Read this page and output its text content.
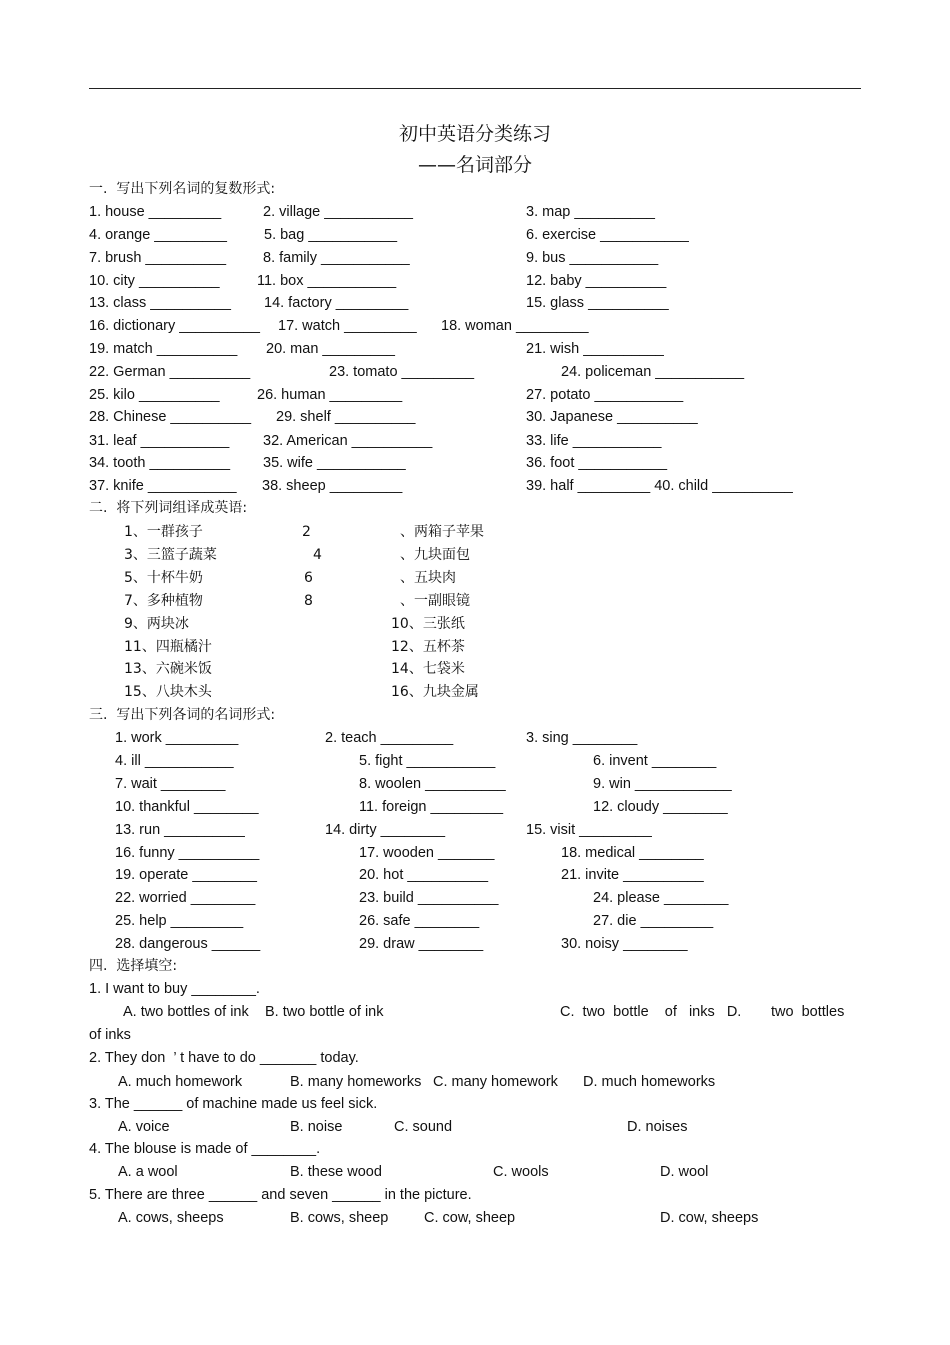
初中英语分类练习
——名词部分
一.  写出下列名词的复数形式:
1. house _________	2. village ___________	3. map __________
4. orange _________	5. bag ___________	6. exercise ___________
7. brush __________	8. family ___________	9. bus ___________
10. city __________	11. box ___________	12. baby __________
13. class __________ 14. factory _________	15. glass __________
16. dictionary __________ 17. watch _________ 18. woman _________
19. match __________ 20. man _________	21. wish __________
22. German __________	23. tomato _________	24. policeman ___________
25. kilo __________	26. human _________	27. potato ___________
28. Chinese __________ 29. shelf __________	30. Japanese __________
31. leaf ___________ 32. American __________	33. life ___________
34. tooth __________ 35. wife ___________	36. foot ___________
37. knife ___________ 38. sheep _________	39. half _________ 40. child __________
二.  将下列词组译成英语:
1、一群孩子	2	、两箱子苹果
3、三篮子蔬菜	4	、九块面包
5、十杯牛奶	6	、五块肉
7、多种植物	8	、一副眼镜
9、两块冰	10、三张纸
11、四瓶橘汁	12、五杯茶
13、六碗米饭	14、七袋米
15、八块木头	16、九块金属
三.  写出下列各词的名词形式:
1. work _________	2. teach _________	3. sing ________
4. ill ___________	5. fight ___________	6. invent ________
7. wait ________	8. woolen __________	9. win ____________
10. thankful ________	11. foreign _________	12. cloudy ________
13. run __________	14. dirty ________	15. visit _________
16. funny __________	17. wooden _______	18. medical ________
19. operate ________	20. hot __________	21. invite __________
22. worried ________	23. build __________	24. please ________
25. help _________	26. safe ________	27. die _________
28. dangerous ______	29. draw ________	30. noisy ________
四.  选择填空:
1. I want to buy ________.
A. two bottles of ink B. two bottle of ink	C.  two  bottle    of   inks   D. two  bottles
of inks
2. They don  ’ t have to do _______ today.
A. much homework	B. many homeworks C. many homework D. much homeworks
3. The ______ of machine made us feel sick.
A. voice	B. noise	C. sound	D. noises
4. The blouse is made of ________.
A. a wool	B. these wood	C. wools	D. wool
5. There are three ______ and seven ______ in the picture.
A. cows, sheeps	B. cows, sheep C. cow, sheep	D. cow, sheeps
